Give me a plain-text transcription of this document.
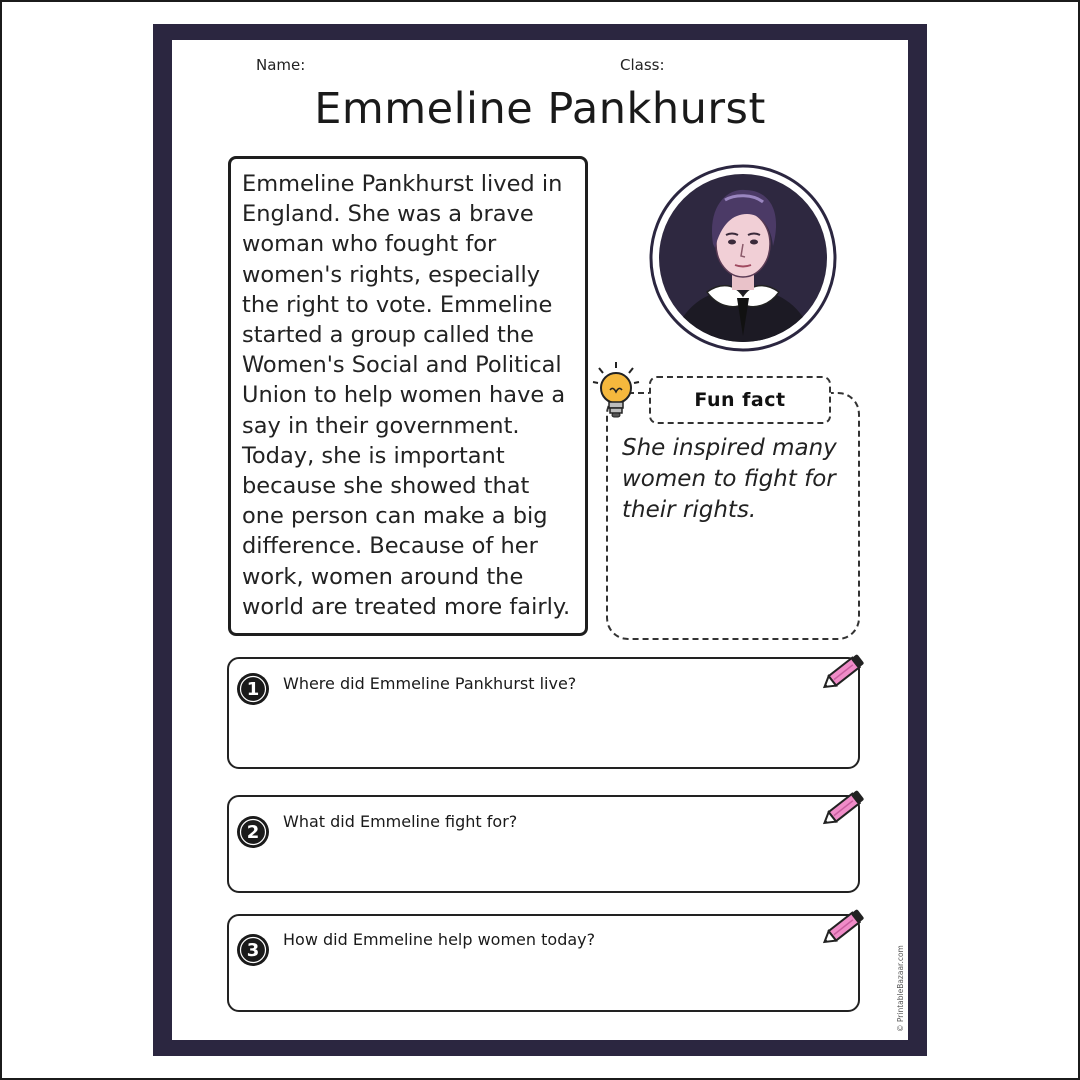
Name:	Class:
Emmeline Pankhurst
Emmeline Pankhurst lived in England. She was a brave woman who fought for women's rights, especially the right to vote. Emmeline started a group called the Women's Social and Political Union to help women have a say in their government. Today, she is important because she showed that one person can make a big difference. Because of her work, women around the world are treated more fairly.
Fun fact
She inspired many women to fight for their rights.
1 Where did Emmeline Pankhurst live?
2
What did Emmeline fight for?
3
How did Emmeline help women today?
© PrintableBazaar.com
